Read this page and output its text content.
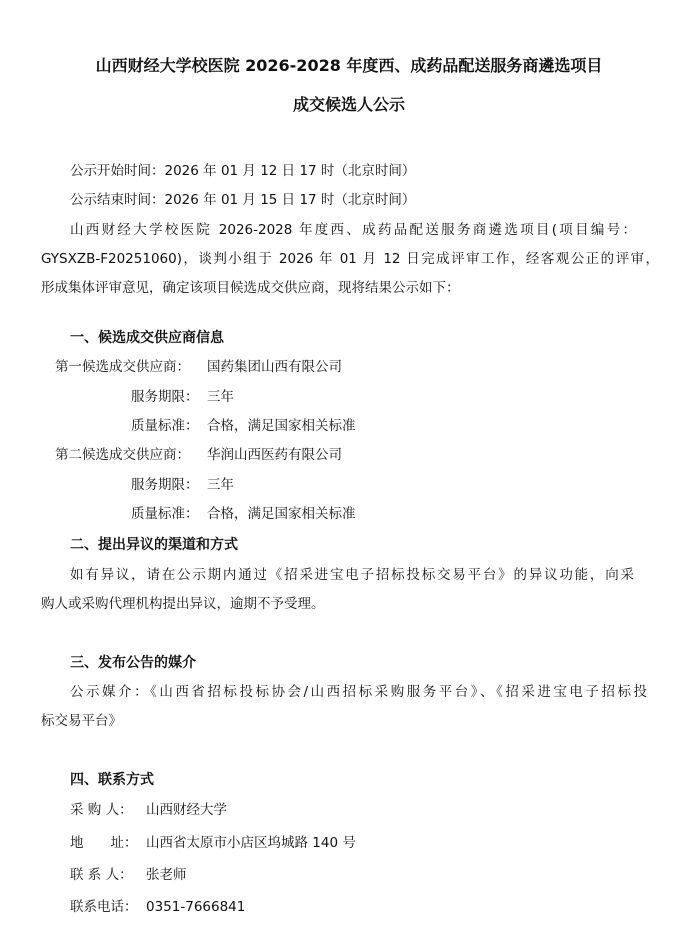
山西财经大学校医院 2026-2028 年度西、成药品配送服务商遴选项目
成交候选人公示
公示开始时间：2026 年 01 月 12 日 17 时（北京时间）
公示结束时间：2026 年 01 月 15 日 17 时（北京时间）
山西财经大学校医院 2026-2028 年度西、成药品配送服务商遴选项目(项目编号：
GYSXZB-F20251060)，谈判小组于 2026 年 01 月 12 日完成评审工作，经客观公正的评审，
形成集体评审意见，确定该项目候选成交供应商，现将结果公示如下：
一、候选成交供应商信息
第一候选成交供应商： 国药集团山西有限公司
服务期限： 三年
质量标准： 合格，满足国家相关标准
第二候选成交供应商： 华润山西医药有限公司
服务期限： 三年
质量标准： 合格，满足国家相关标准
二、提出异议的渠道和方式
如有异议，请在公示期内通过《招采进宝电子招标投标交易平台》的异议功能，向采
购人或采购代理机构提出异议，逾期不予受理。
三、发布公告的媒介
公示媒介：《山西省招标投标协会/山西招标采购服务平台》、《招采进宝电子招标投
标交易平台》
四、联系方式
采 购 人： 山西财经大学
地　　址： 山西省太原市小店区坞城路 140 号
联 系 人： 张老师
联系电话： 0351-7666841
